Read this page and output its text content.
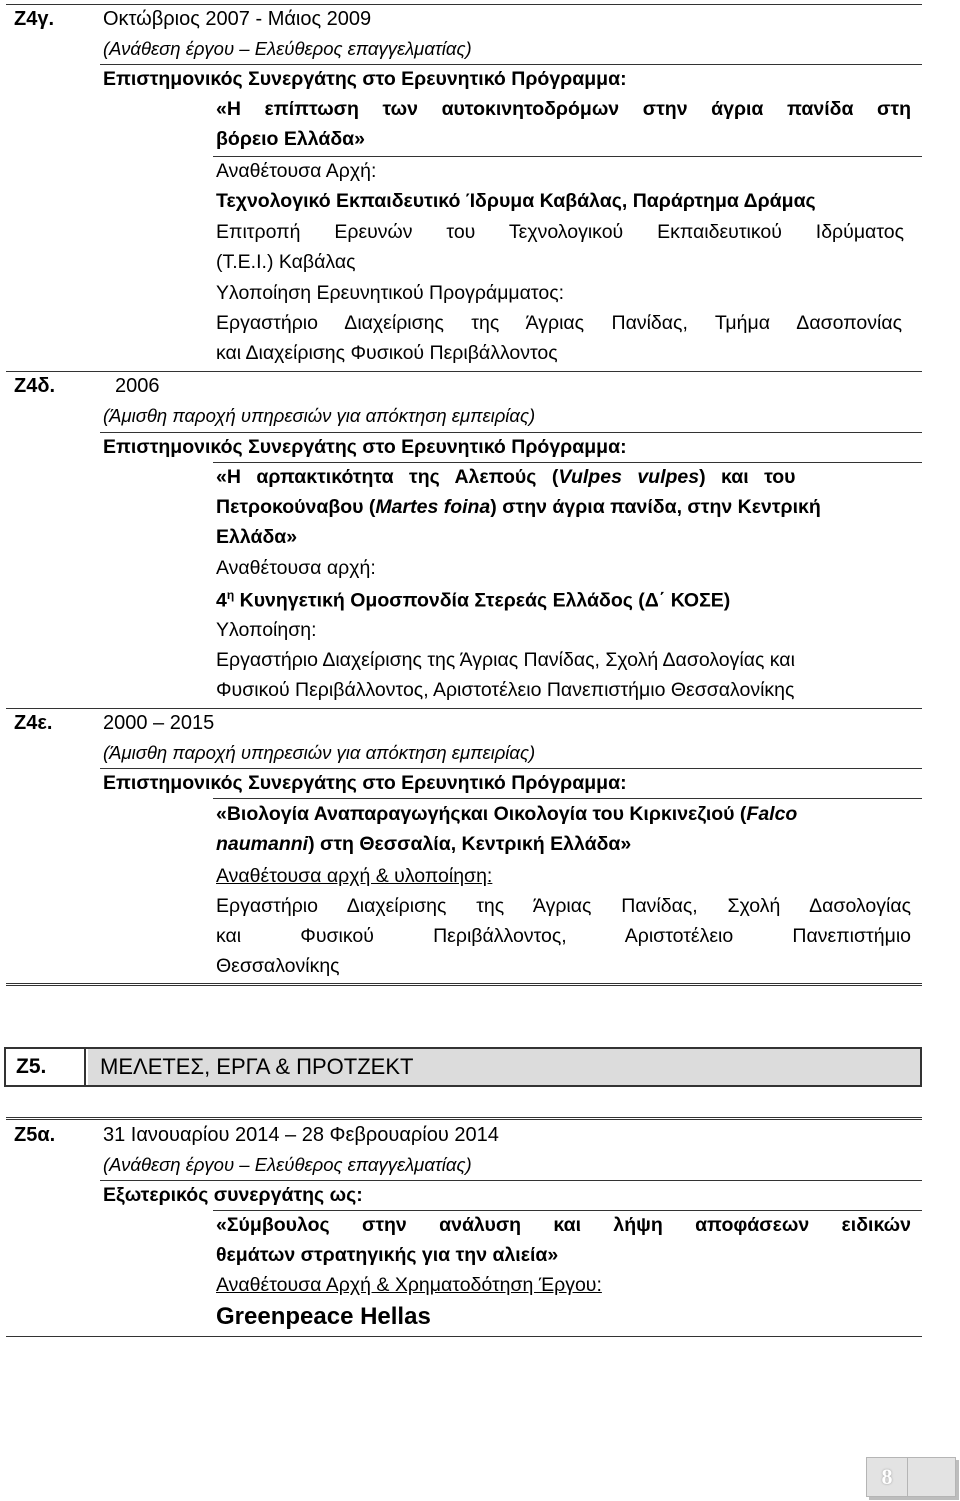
Ζ4γ. Οκτώβριος 2007 - Μάιος 2009
(Ανάθεση έργου – Ελεύθερος επαγγελματίας)
Επιστημονικός Συνεργάτης στο Ερευνητικό Πρόγραμμα:
«Η επίπτωση των αυτοκινητοδρόμων στην άγρια πανίδα στη
βόρειο Ελλάδα»
Αναθέτουσα Αρχή:
Τεχνολογικό Εκπαιδευτικό Ίδρυμα Καβάλας, Παράρτημα Δράμας
Επιτροπή Ερευνών του Τεχνολογικού Εκπαιδευτικού Ιδρύματος
(Τ.Ε.Ι.) Καβάλας
Υλοποίηση Ερευνητικού Προγράμματος:
Εργαστήριο Διαχείρισης της Άγριας Πανίδας, Τμήμα Δασοπονίας
και Διαχείρισης Φυσικού Περιβάλλοντος
Ζ4δ.	2006
(Άμισθη παροχή υπηρεσιών για απόκτηση εμπειρίας)
Επιστημονικός Συνεργάτης στο Ερευνητικό Πρόγραμμα:
«Η αρπακτικότητα της Αλεπούς (Vulpes vulpes) και του
Πετροκούναβου (Martes foina) στην άγρια πανίδα, στην Κεντρική
Ελλάδα»
Αναθέτουσα αρχή:
$4^\eta$ Κυνηγετική Ομοσπονδία Στερεάς Ελλάδος (Δ΄ ΚΟΣΕ)
Υλοποίηση:
Εργαστήριο Διαχείρισης της Άγριας Πανίδας, Σχολή Δασολογίας και
Φυσικού Περιβάλλοντος, Αριστοτέλειο Πανεπιστήμιο Θεσσαλονίκης
Ζ4ε.	2000 – 2015
(Άμισθη παροχή υπηρεσιών για απόκτηση εμπειρίας)
Επιστημονικός Συνεργάτης στο Ερευνητικό Πρόγραμμα:
«Βιολογία Αναπαραγωγήςκαι Οικολογία του Κιρκινεζιού (Falco
naumanni) στη Θεσσαλία, Κεντρική Ελλάδα»
Αναθέτουσα αρχή & υλοποίηση:
Εργαστήριο Διαχείρισης της Άγριας Πανίδας, Σχολή Δασολογίας
και Φυσικού Περιβάλλοντος, Αριστοτέλειο Πανεπιστήμιο
Θεσσαλονίκης
Ζ5.	ΜΕΛΕΤΕΣ, ΕΡΓΑ & ΠΡΟΤΖΕΚΤ
Ζ5α. 31 Ιανουαρίου 2014 – 28 Φεβρουαρίου 2014
(Ανάθεση έργου – Ελεύθερος επαγγελματίας)
Εξωτερικός συνεργάτης ως:
«Σύμβουλος στην ανάλυση και λήψη αποφάσεων ειδικών
θεμάτων στρατηγικής για την αλιεία»
Αναθέτουσα Αρχή & Χρηματοδότηση Έργου:
Greenpeace Hellas
8
